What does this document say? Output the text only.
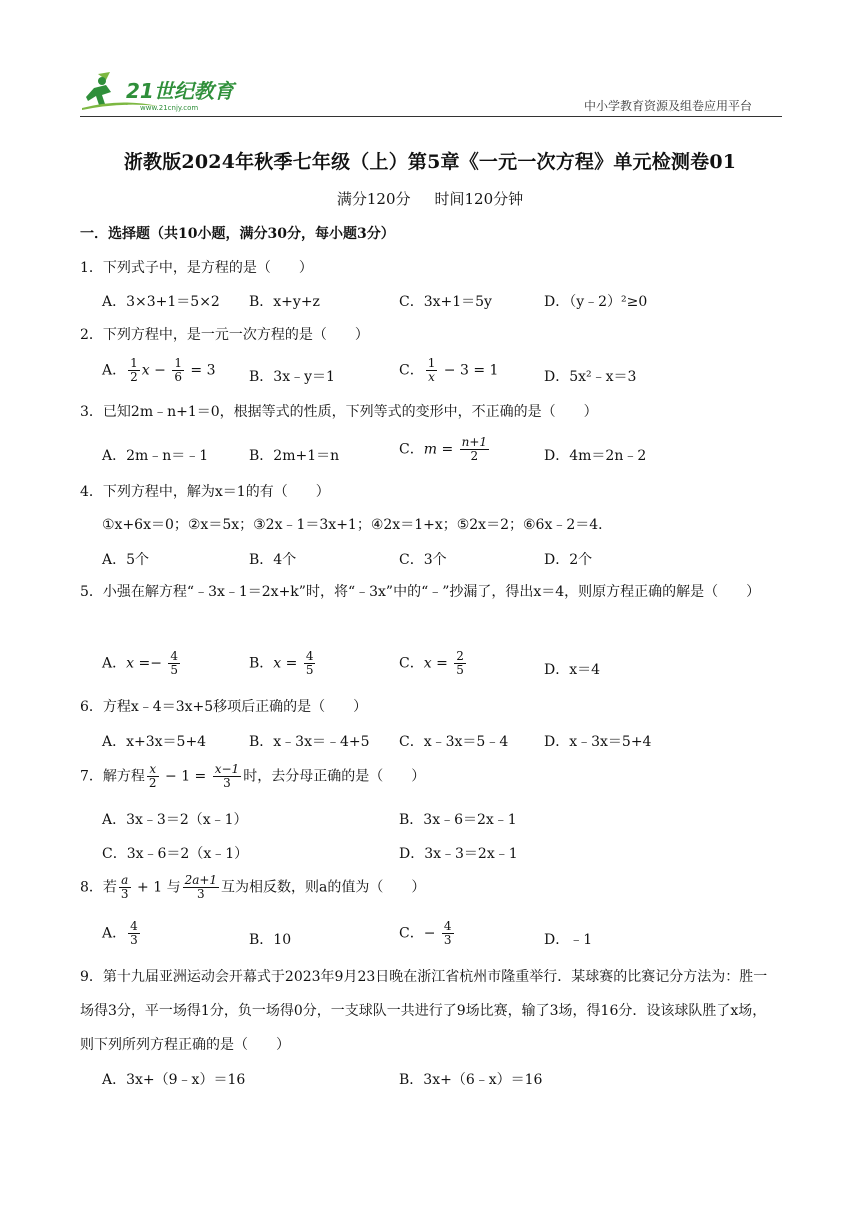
21世纪教育
www.21cnjy.com	中小学教育资源及组卷应用平台
浙教版2024年秋季七年级（上）第5章《一元一次方程》单元检测卷01
满分120分 时间120分钟
一．选择题（共10小题，满分30分，每小题3分）
1．下列式子中，是方程的是（　　）
A．3×3+1＝5×2 B．x+y+z	C．3x+1＝5y	D．（y﹣2）²≥0
2．下列方程中，是一元一次方程的是（　　）
A． $\frac{1}{2}$ $x - \frac{1}{6} = 3$ B．3x﹣y＝1	C． $\frac{1}{x} - 3 = 1$	D．5x²﹣x＝3
3．已知2m﹣n+1＝0，根据等式的性质，下列等式的变形中，不正确的是（　　）
A．2m﹣n＝﹣1	B．2m+1＝n	C．$m = \frac{n+1}{2}$	D．4m＝2n﹣2
4．下列方程中，解为x＝1的有（　　）
①x+6x＝0；②x＝5x；③2x﹣1＝3x+1；④2x＝1+x；⑤2x＝2；⑥6x﹣2＝4．
A．5个	B．4个	C．3个	D．2个
5．小强在解方程“﹣3x﹣1＝2x+k”时，将“﹣3x”中的“﹣”抄漏了，得出x＝4，则原方程正确的解是（　　）
A．$x =- \frac{4}{5}$	B．$x = \frac{4}{5}$	C．$x = \frac{2}{5}$	D．x＝4
6．方程x﹣4＝3x+5移项后正确的是（　　）
A．x+3x＝5+4	B．x﹣3x＝﹣4+5 C．x﹣3x＝5﹣4	D．x﹣3x＝5+4
7．解方程 $\frac{x}{2} - 1 = \frac{x-1}{3}$ 时，去分母正确的是（　　）
A．3x﹣3＝2（x﹣1）	B．3x﹣6＝2x﹣1
C．3x﹣6＝2（x﹣1）	D．3x﹣3＝2x﹣1
8．若 $\frac{a}{3} + 1$ 与 $\frac{2a+1}{3}$ 互为相反数，则a的值为（　　）
A． $\frac{4}{3}$	B．10	C．− $\frac{4}{3}$	D．﹣1
9．第十九届亚洲运动会开幕式于2023年9月23日晚在浙江省杭州市隆重举行．某球赛的比赛记分方法为：胜一场得3分，平一场得1分，负一场得0分，一支球队一共进行了9场比赛，输了3场，得16分．设该球队胜了x场，则下列所列方程正确的是（　　）
A．3x+（9﹣x）＝16	B．3x+（6﹣x）＝16
